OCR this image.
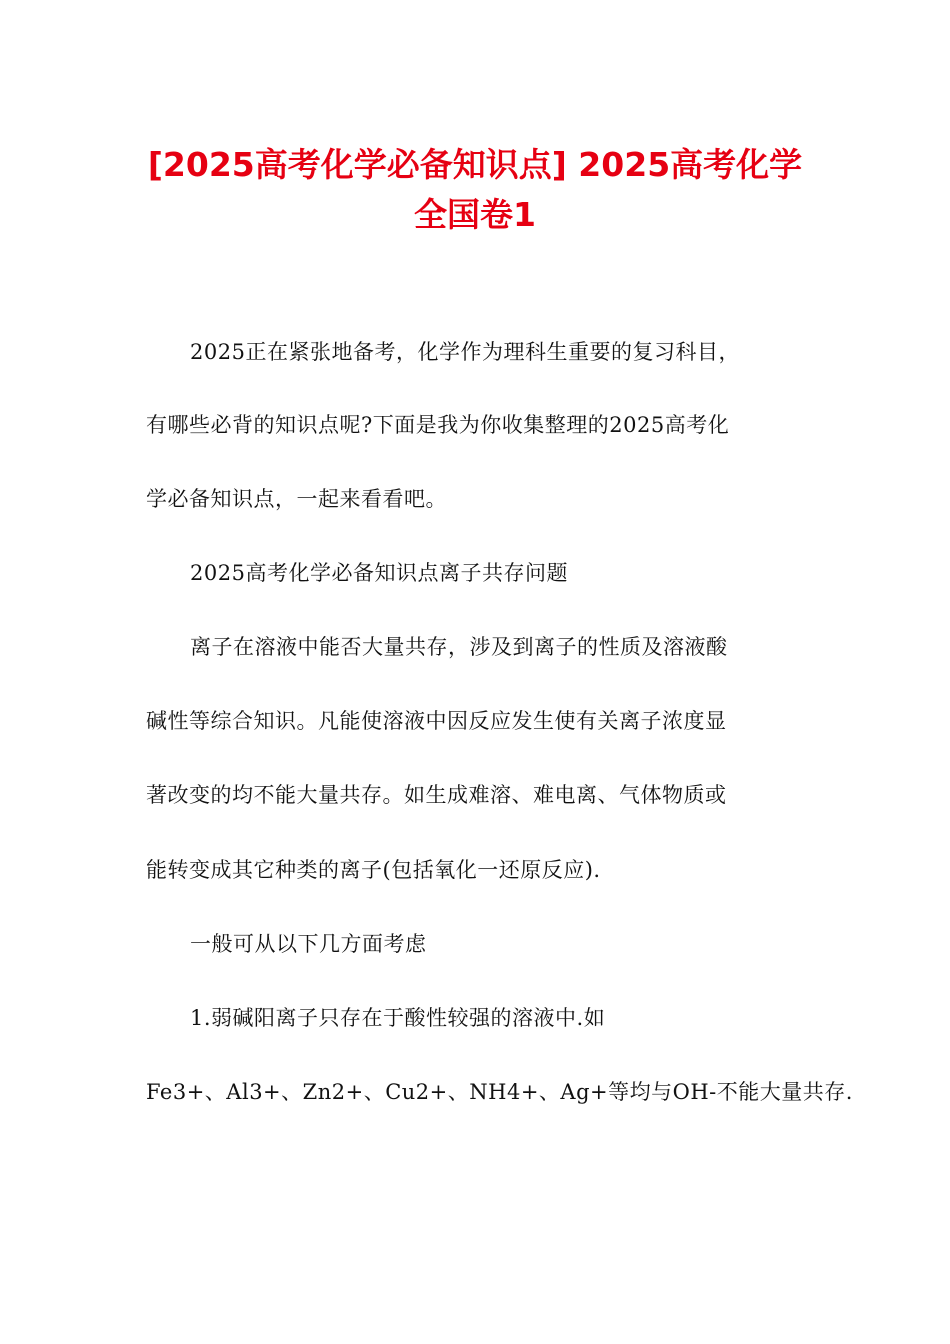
[2025高考化学必备知识点] 2025高考化学
全国卷1
2025正在紧张地备考，化学作为理科生重要的复习科目，
有哪些必背的知识点呢?下面是我为你收集整理的2025高考化
学必备知识点，一起来看看吧。
2025高考化学必备知识点离子共存问题
离子在溶液中能否大量共存，涉及到离子的性质及溶液酸
碱性等综合知识。凡能使溶液中因反应发生使有关离子浓度显
著改变的均不能大量共存。如生成难溶、难电离、气体物质或
能转变成其它种类的离子(包括氧化一还原反应).
一般可从以下几方面考虑
1.弱碱阳离子只存在于酸性较强的溶液中.如
Fe3+、Al3+、Zn2+、Cu2+、NH4+、Ag+等均与OH-不能大量共存.
